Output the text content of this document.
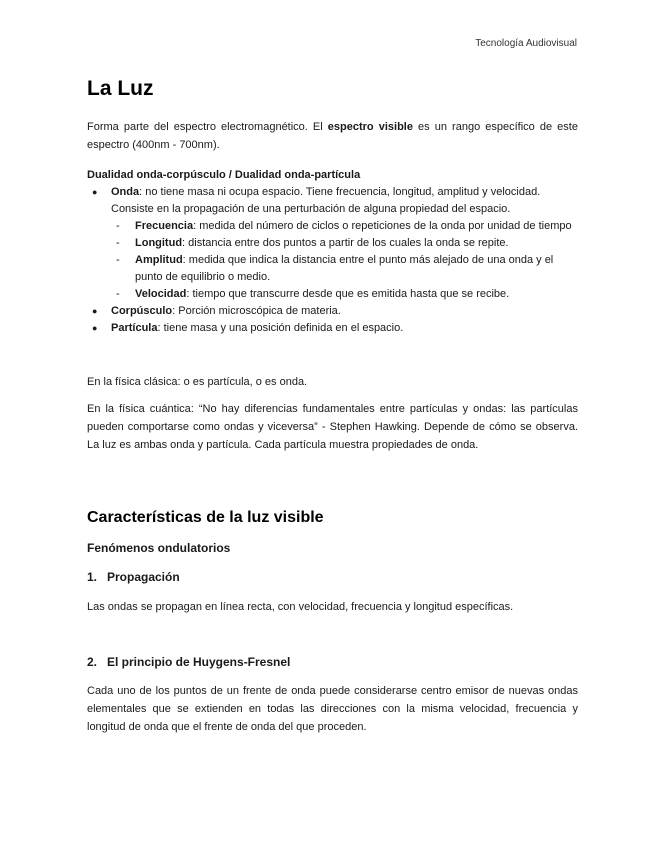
Tecnología Audiovisual
La Luz
Forma parte del espectro electromagnético. El espectro visible es un rango específico de este espectro (400nm - 700nm).
Dualidad onda-corpúsculo / Dualidad onda-partícula
● Onda: no tiene masa ni ocupa espacio. Tiene frecuencia, longitud, amplitud y velocidad. Consiste en la propagación de una perturbación de alguna propiedad del espacio.
- Frecuencia: medida del número de ciclos o repeticiones de la onda por unidad de tiempo
- Longitud: distancia entre dos puntos a partir de los cuales la onda se repite.
- Amplitud: medida que indica la distancia entre el punto más alejado de una onda y el punto de equilibrio o medio.
- Velocidad: tiempo que transcurre desde que es emitida hasta que se recibe.
● Corpúsculo: Porción microscópica de materia.
● Partícula: tiene masa y una posición definida en el espacio.
En la física clásica: o es partícula, o es onda.
En la física cuántica: “No hay diferencias fundamentales entre partículas y ondas: las partículas pueden comportarse como ondas y viceversa” - Stephen Hawking. Depende de cómo se observa. La luz es ambas onda y partícula. Cada partícula muestra propiedades de onda.
Características de la luz visible
Fenómenos ondulatorios
1. Propagación
Las ondas se propagan en línea recta, con velocidad, frecuencia y longitud específicas.
2. El principio de Huygens-Fresnel
Cada uno de los puntos de un frente de onda puede considerarse centro emisor de nuevas ondas elementales que se extienden en todas las direcciones con la misma velocidad, frecuencia y longitud de onda que el frente de onda del que proceden.
